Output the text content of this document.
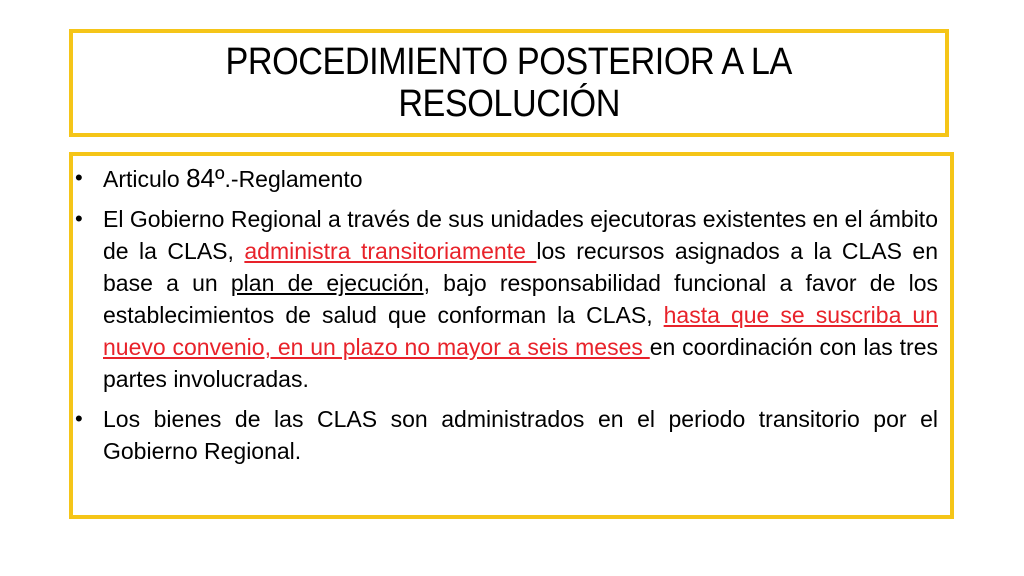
PROCEDIMIENTO POSTERIOR A LA
RESOLUCIÓN
• Articulo 84º.-Reglamento
• El Gobierno Regional a través de sus unidades ejecutoras existentes en el ámbito de la CLAS, administra transitoriamente los recursos asignados a la CLAS en base a un plan de ejecución, bajo responsabilidad funcional a favor de los establecimientos de salud que conforman la CLAS, hasta que se suscriba un nuevo convenio, en un plazo no mayor a seis meses en coordinación con las tres partes involucradas.
• Los bienes de las CLAS son administrados en el periodo transitorio por el Gobierno Regional.
